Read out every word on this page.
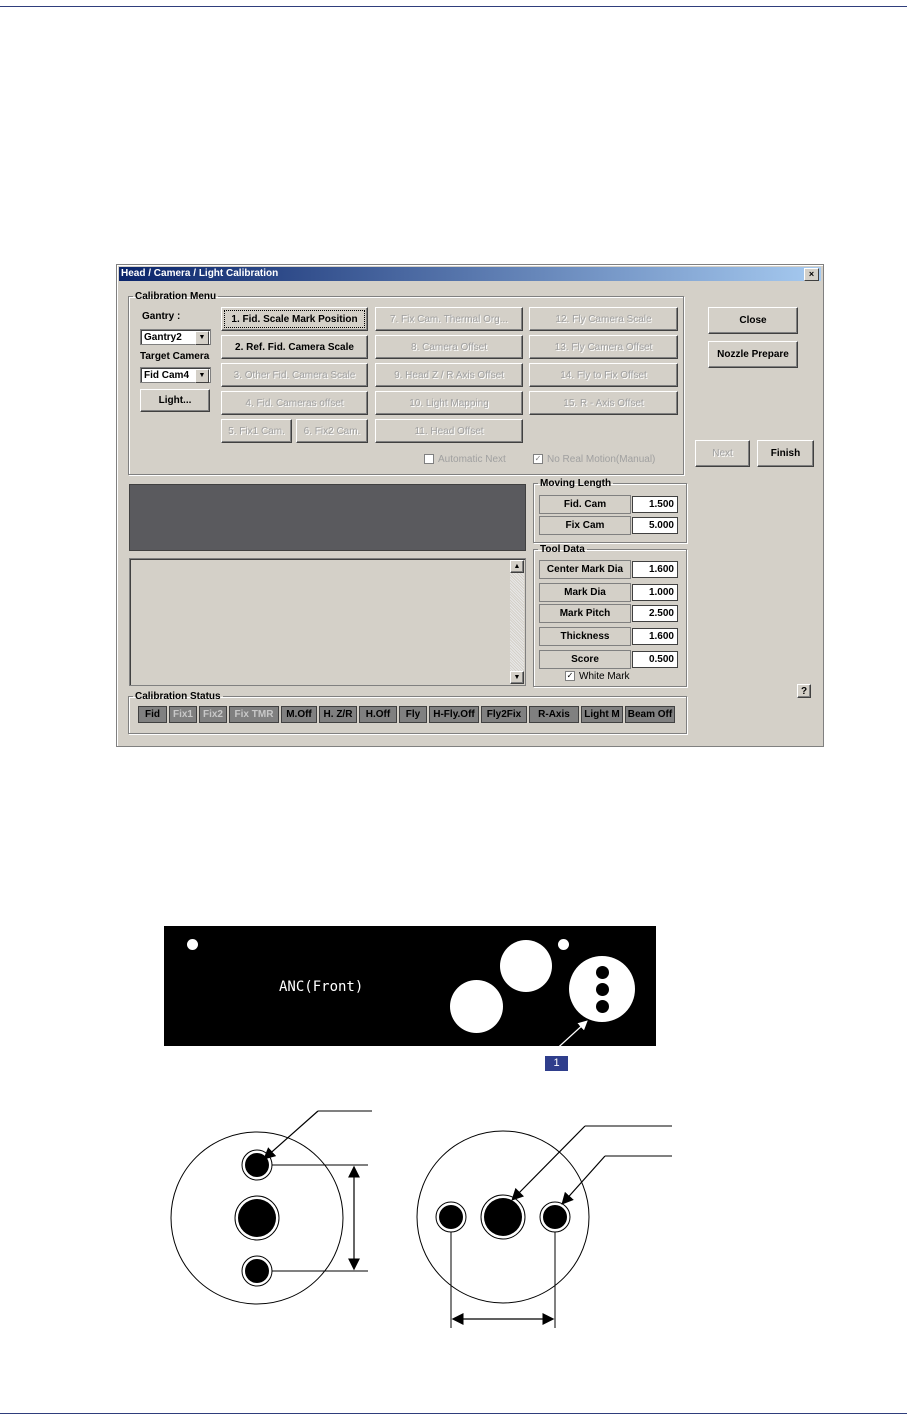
Head / Camera / Light Calibration	×
Calibration Menu
Gantry :
Gantry2	▼
Target Camera
Fid Cam4	▼
Light...
1. Fid. Scale Mark Position
2. Ref. Fid. Camera Scale
3. Other Fid. Camera Scale
4. Fid. Cameras offset
5. Fix1 Cam.	6. Fix2 Cam.
7. Fix Cam. Thermal Org...
8. Camera Offset
9. Head Z / R Axis Offset
10. Light Mapping
11. Head Offset
12. Fly Camera Scale
13. Fly Camera Offset
14. Fly to Fix Offset
15. R - Axis Offset
Automatic Next	✓ No Real Motion(Manual)
Close
Nozzle Prepare
Next	Finish
?
▲
▼
Moving Length
Fid. Cam	1.500
Fix Cam	5.000
Tool Data
Center Mark Dia	1.600
Mark Dia	1.000
Mark Pitch	2.500
Thickness	1.600
Score	0.500
✓ White Mark
Calibration Status
Fid	Fix1 Fix2	Fix TMR	M.Off	H. Z/R	H.Off	Fly	H-Fly.Off	Fly2Fix	R-Axis	Light M Beam Off
ANC(Front)
1
